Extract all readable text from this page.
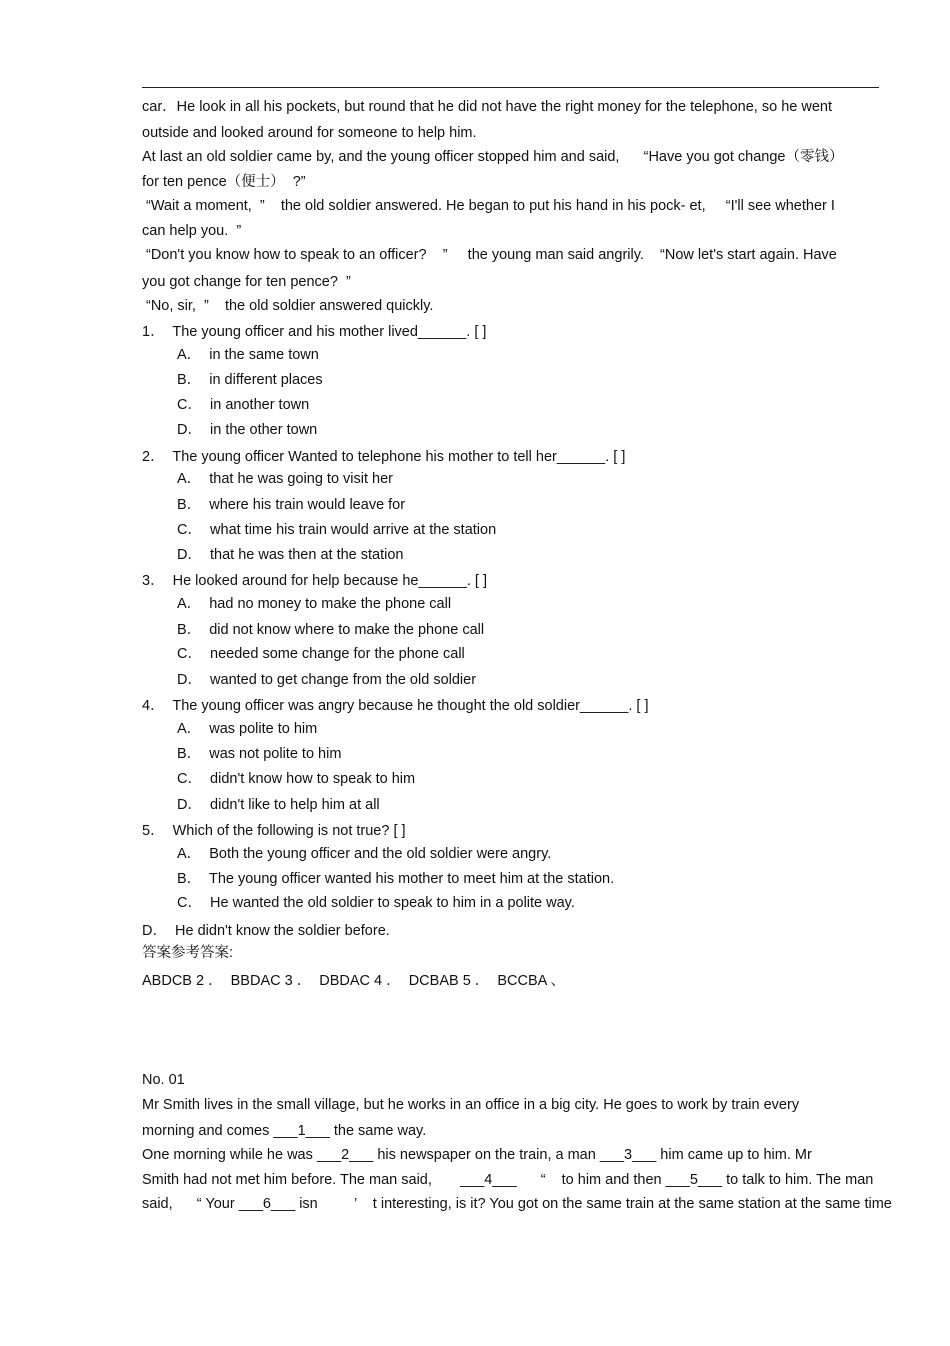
car．He look in all his pockets, but round that he did not have the right money for the telephone, so he went
outside and looked around for someone to help him.
At last an old soldier came by, and the young officer stopped him and said,      “Have you got change（零钱）
for ten pence（便士）  ?”
“Wait a moment,  ”    the old soldier answered. He began to put his hand in his pock- et,     “I'll see whether I
can help you.  ”
“Don't you know how to speak to an officer?    ”     the young man said angrily.    “Now let's start again. Have
you got change for ten pence?  ”
“No, sir,  ”    the old soldier answered quickly.
1．  The young officer and his mother lived______. [ ]
A．  in the same town
B．  in different places
C．  in another town
D．  in the other town
2．  The young officer Wanted to telephone his mother to tell her______. [ ]
A．  that he was going to visit her
B．  where his train would leave for
C．  what time his train would arrive at the station
D．  that he was then at the station
3．  He looked around for help because he______. [ ]
A．  had no money to make the phone call
B．  did not know where to make the phone call
C．  needed some change for the phone call
D．  wanted to get change from the old soldier
4．  The young officer was angry because he thought the old soldier______. [ ]
A．  was polite to him
B．  was not polite to him
C．  didn't know how to speak to him
D．  didn't like to help him at all
5．  Which of the following is not true? [ ]
A．  Both the young officer and the old soldier were angry.
B．  The young officer wanted his mother to meet him at the station.
C．  He wanted the old soldier to speak to him in a polite way.
D．  He didn't know the soldier before.
答案参考答案:
ABDCB 2 ．  BBDAC 3 ．  DBDAC 4 ．  DCBAB 5 ．  BCCBA 、
No. 01
Mr Smith lives in the small village, but he works in an office in a big city. He goes to work by train every
morning and comes ___1___ the same way.
One morning while he was ___2___ his newspaper on the train, a man ___3___ him came up to him. Mr
Smith had not met him before. The man said,       ___4___      “    to him and then ___5___ to talk to him. The man
said,      “ Your ___6___ isn         ’    t interesting, is it? You got on the same train at the same station at the same time
